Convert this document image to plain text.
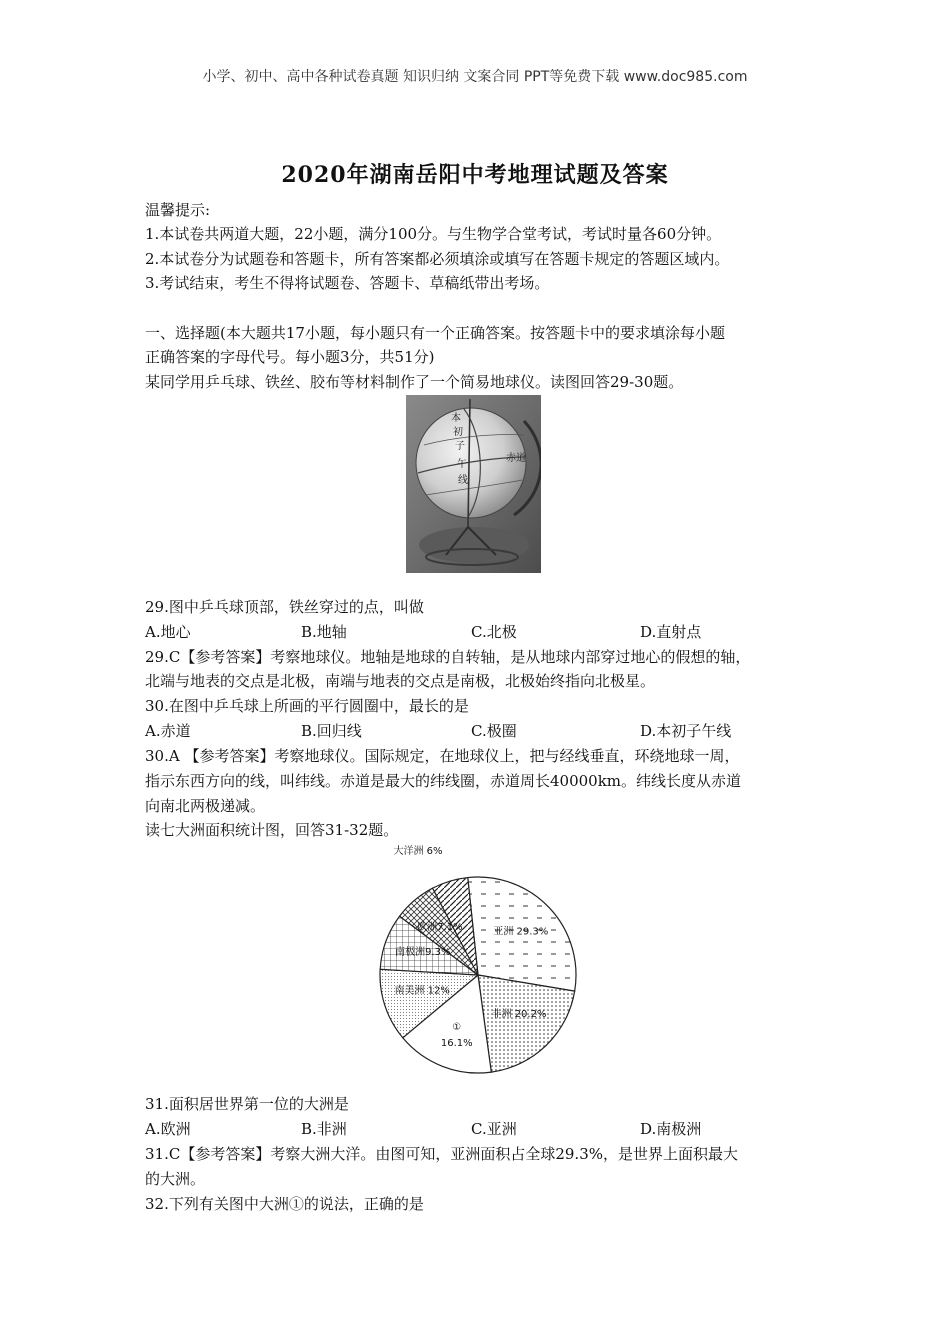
小学、初中、高中各种试卷真题 知识归纳 文案合同 PPT等免费下载 www.doc985.com
2020年湖南岳阳中考地理试题及答案
温馨提示:
1.本试卷共两道大题，22小题，满分100分。与生物学合堂考试，考试时量各60分钟。
2.本试卷分为试题卷和答题卡，所有答案都必须填涂或填写在答题卡规定的答题区域内。
3.考试结束，考生不得将试题卷、答题卡、草稿纸带出考场。
一、选择题(本大题共17小题，每小题只有一个正确答案。按答题卡中的要求填涂每小题
正确答案的字母代号。每小题3分，共51分)
某同学用乒乓球、铁丝、胶布等材料制作了一个简易地球仪。读图回答29-30题。
本
初
子
午
线
赤道
29.图中乒乓球顶部，铁丝穿过的点，叫做
A.地心	B.地轴	C.北极	D.直射点
29.C【参考答案】考察地球仪。地轴是地球的自转轴，是从地球内部穿过地心的假想的轴，
北端与地表的交点是北极，南端与地表的交点是南极，北极始终指向北极星。
30.在图中乒乓球上所画的平行圆圈中，最长的是
A.赤道	B.回归线	C.极圈	D.本初子午线
30.A 【参考答案】考察地球仪。国际规定，在地球仪上，把与经线垂直，环绕地球一周，
指示东西方向的线，叫纬线。赤道是最大的纬线圈，赤道周长40000km。纬线长度从赤道
向南北两极递减。
读七大洲面积统计图，回答31-32题。
亚洲 29.3%
非洲 20.2%
①
16.1%
南美洲 12%
南极洲9.3%
欧洲7.1%
大洋洲 6%
31.面积居世界第一位的大洲是
A.欧洲	B.非洲	C.亚洲	D.南极洲
31.C【参考答案】考察大洲大洋。由图可知，亚洲面积占全球29.3%，是世界上面积最大
的大洲。
32.下列有关图中大洲①的说法，正确的是
